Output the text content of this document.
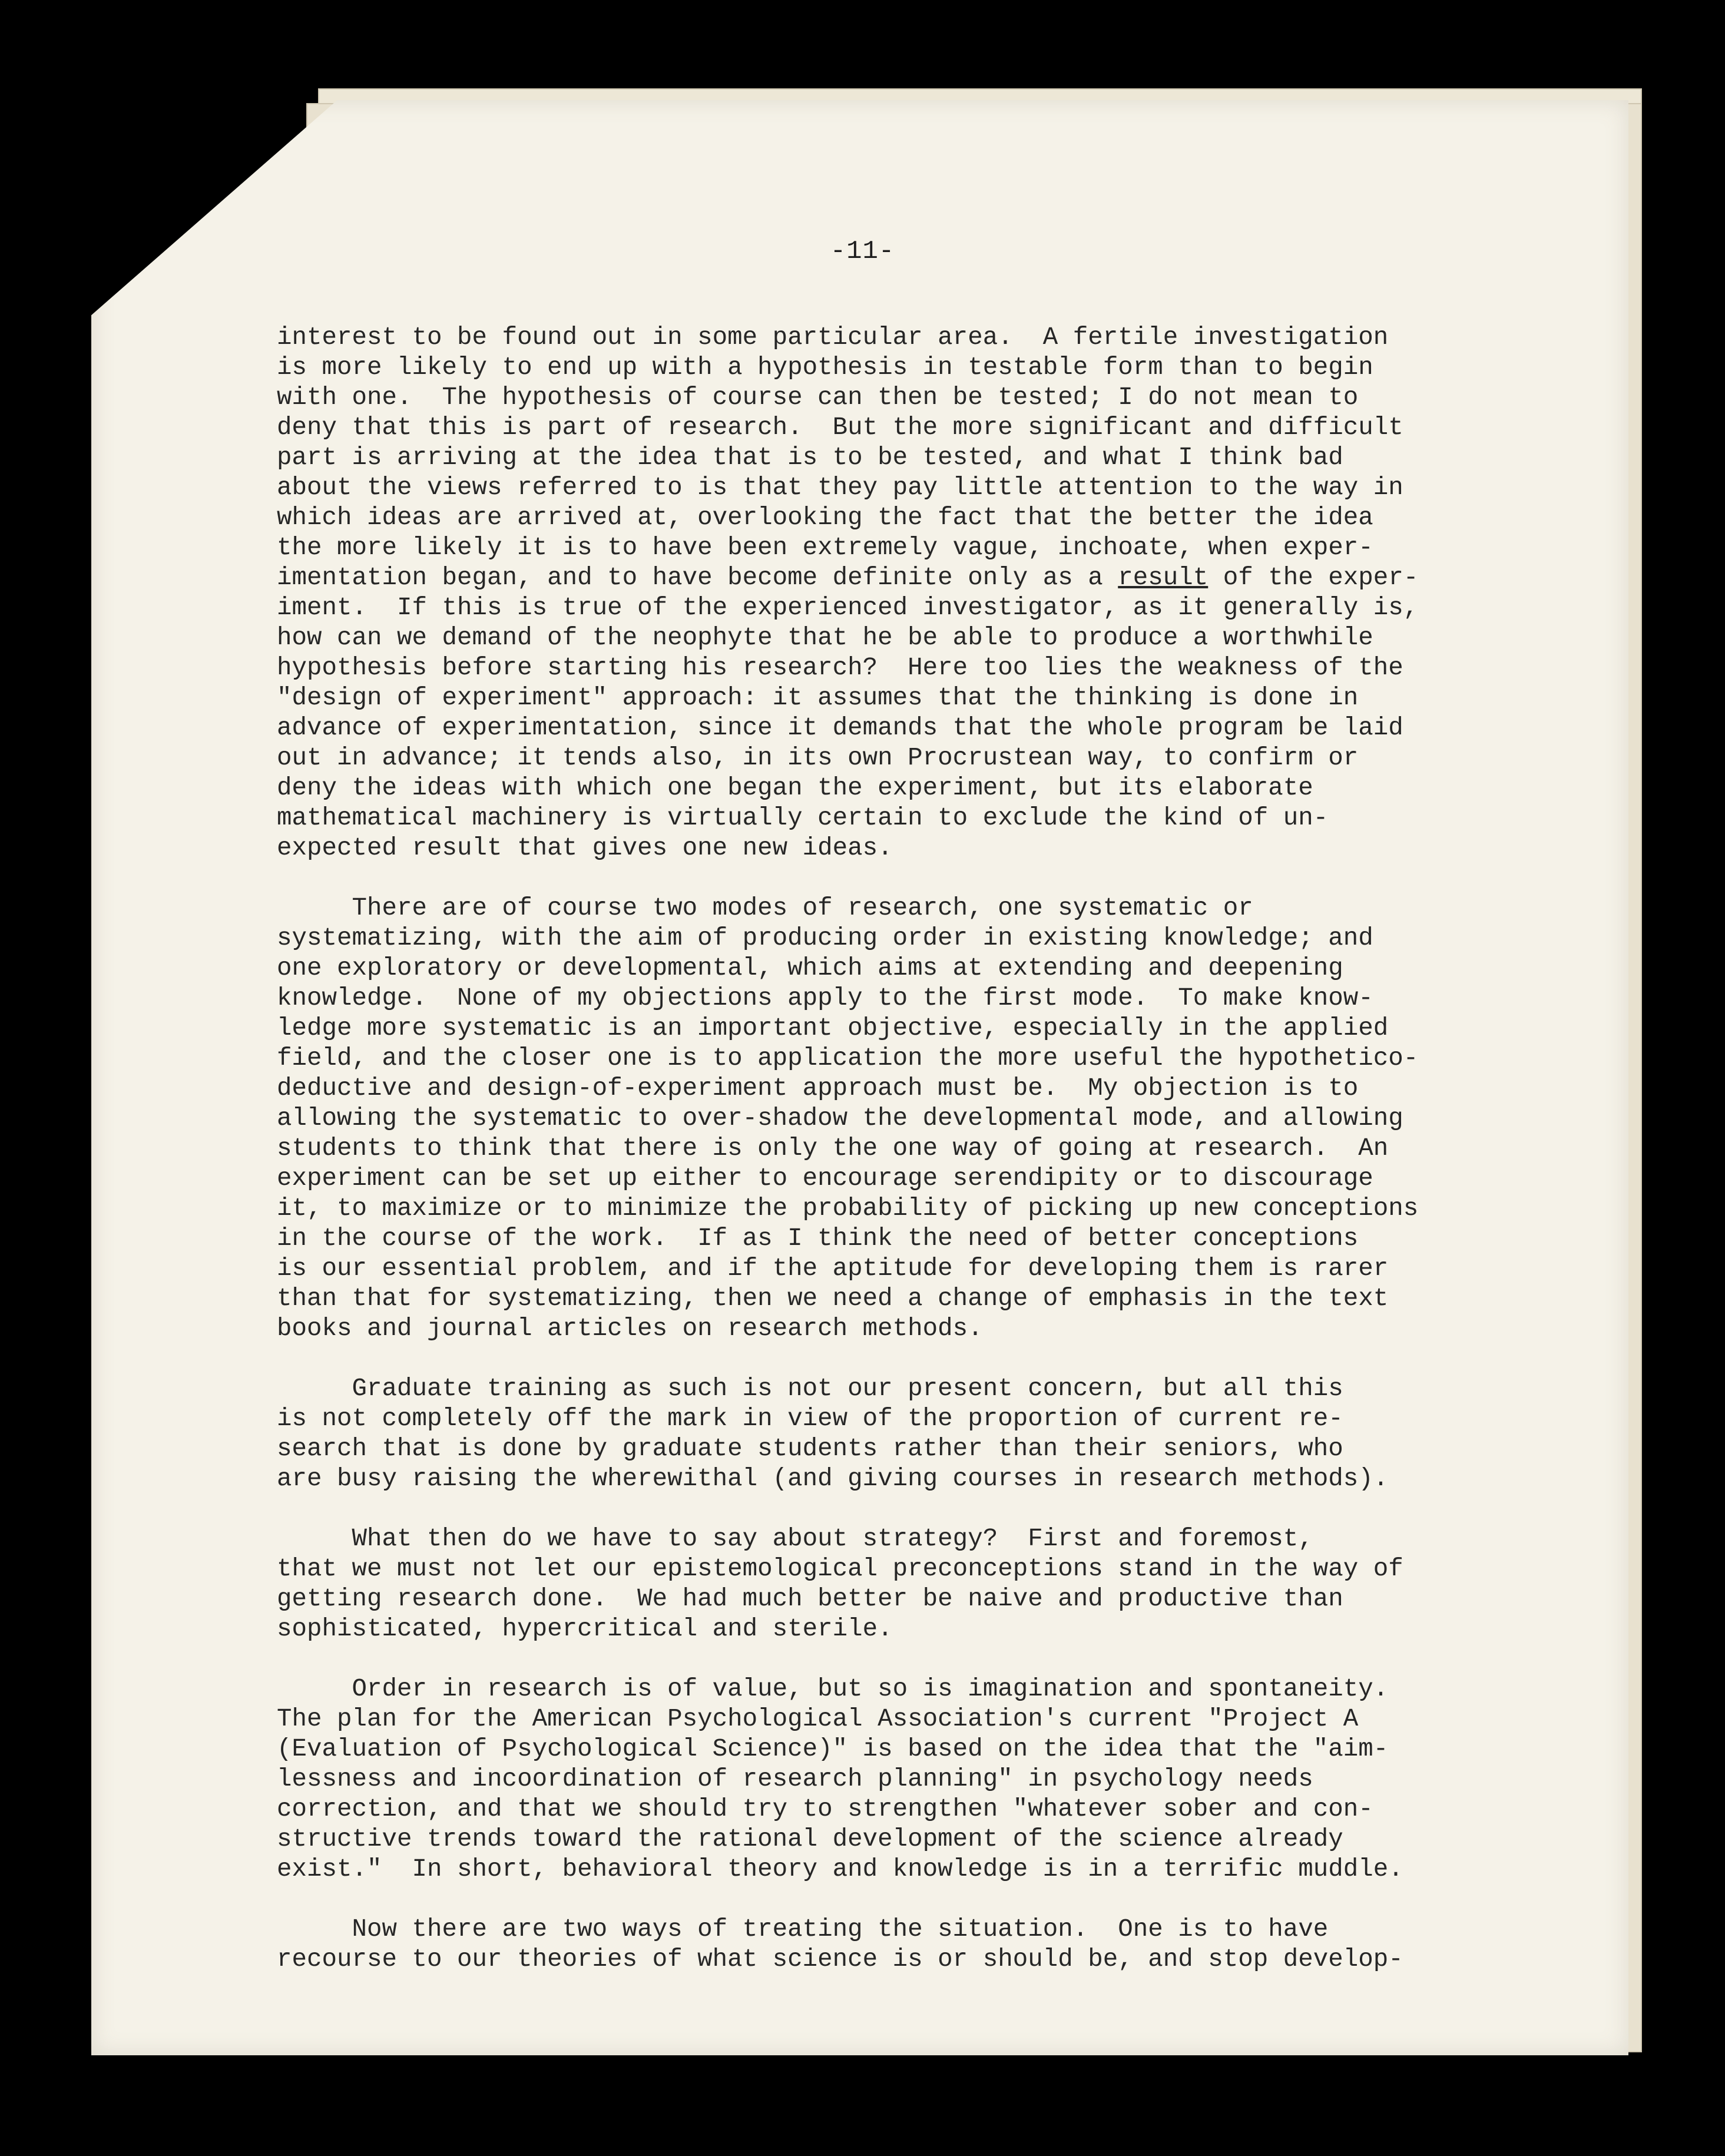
-11-
interest to be found out in some particular area.  A fertile investigation
is more likely to end up with a hypothesis in testable form than to begin
with one.  The hypothesis of course can then be tested; I do not mean to
deny that this is part of research.  But the more significant and difficult
part is arriving at the idea that is to be tested, and what I think bad
about the views referred to is that they pay little attention to the way in
which ideas are arrived at, overlooking the fact that the better the idea
the more likely it is to have been extremely vague, inchoate, when exper-
imentation began, and to have become definite only as a result of the exper-
iment.  If this is true of the experienced investigator, as it generally is,
how can we demand of the neophyte that he be able to produce a worthwhile
hypothesis before starting his research?  Here too lies the weakness of the
"design of experiment" approach: it assumes that the thinking is done in
advance of experimentation, since it demands that the whole program be laid
out in advance; it tends also, in its own Procrustean way, to confirm or
deny the ideas with which one began the experiment, but its elaborate
mathematical machinery is virtually certain to exclude the kind of un-
expected result that gives one new ideas.
There are of course two modes of research, one systematic or
systematizing, with the aim of producing order in existing knowledge; and
one exploratory or developmental, which aims at extending and deepening
knowledge.  None of my objections apply to the first mode.  To make know-
ledge more systematic is an important objective, especially in the applied
field, and the closer one is to application the more useful the hypothetico-
deductive and design-of-experiment approach must be.  My objection is to
allowing the systematic to over-shadow the developmental mode, and allowing
students to think that there is only the one way of going at research.  An
experiment can be set up either to encourage serendipity or to discourage
it, to maximize or to minimize the probability of picking up new conceptions
in the course of the work.  If as I think the need of better conceptions
is our essential problem, and if the aptitude for developing them is rarer
than that for systematizing, then we need a change of emphasis in the text
books and journal articles on research methods.
Graduate training as such is not our present concern, but all this
is not completely off the mark in view of the proportion of current re-
search that is done by graduate students rather than their seniors, who
are busy raising the wherewithal (and giving courses in research methods).
What then do we have to say about strategy?  First and foremost,
that we must not let our epistemological preconceptions stand in the way of
getting research done.  We had much better be naive and productive than
sophisticated, hypercritical and sterile.
Order in research is of value, but so is imagination and spontaneity.
The plan for the American Psychological Association's current "Project A
(Evaluation of Psychological Science)" is based on the idea that the "aim-
lessness and incoordination of research planning" in psychology needs
correction, and that we should try to strengthen "whatever sober and con-
structive trends toward the rational development of the science already
exist."  In short, behavioral theory and knowledge is in a terrific muddle.
Now there are two ways of treating the situation.  One is to have
recourse to our theories of what science is or should be, and stop develop-
